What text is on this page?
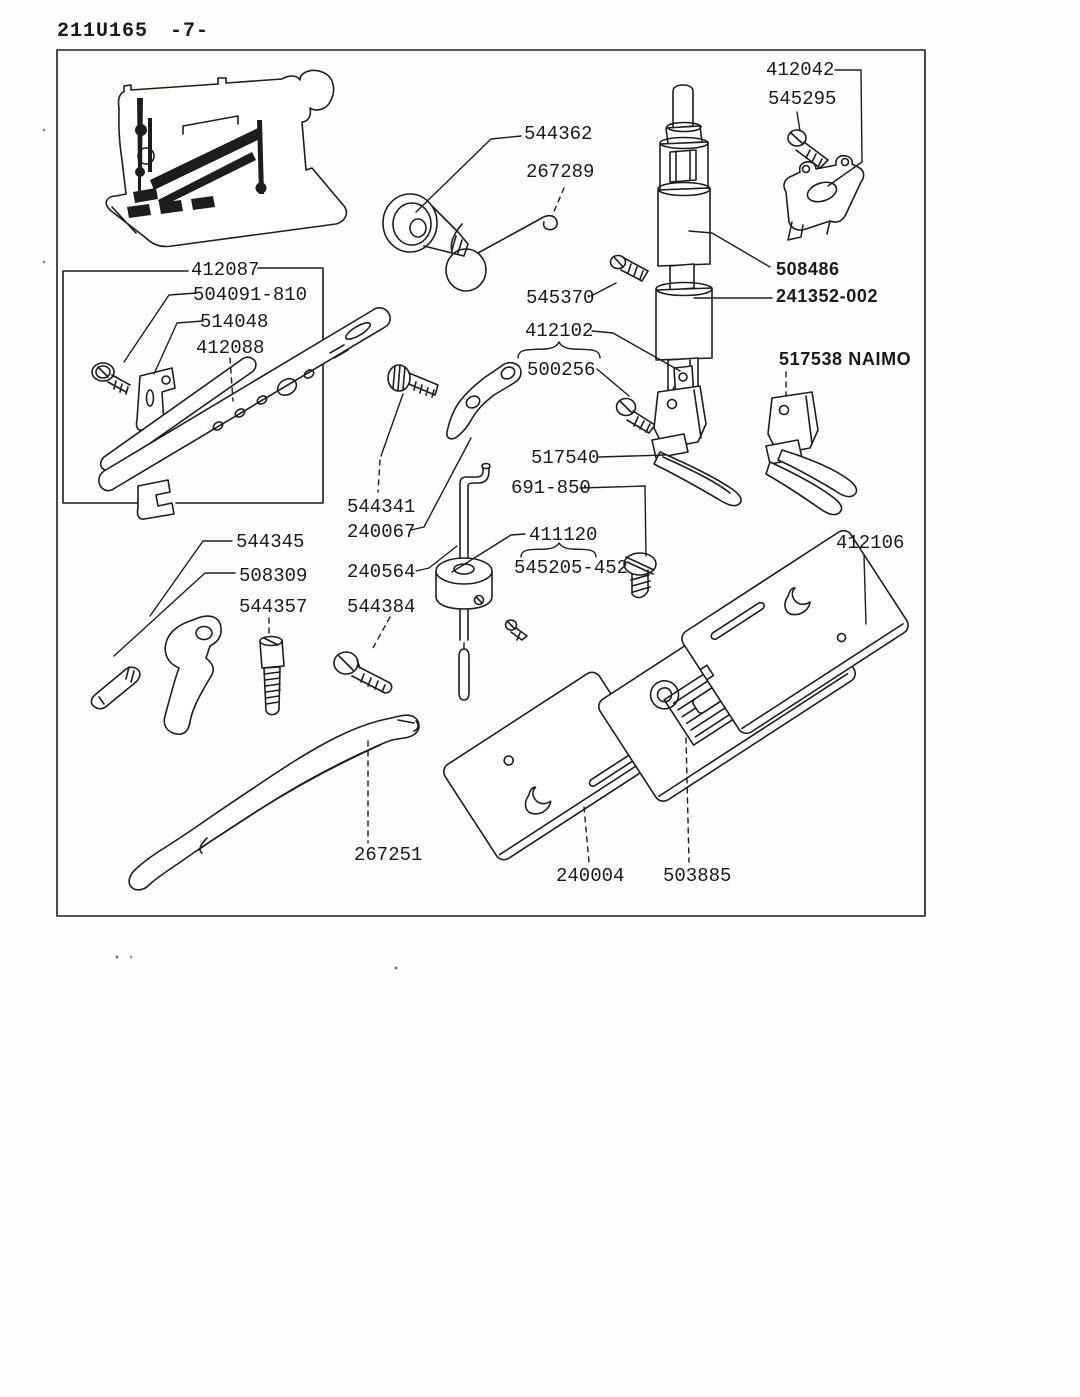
211U165 -7-
412042
545295
544362
267289
412087
504091-810
514048
412088
545370
412102
500256
508486
241352-002
517538 NAIMO
517540
691-850
544341
240067
240564
544384
544345
508309
544357
411120
545205-452
412106
267251
240004 503885
